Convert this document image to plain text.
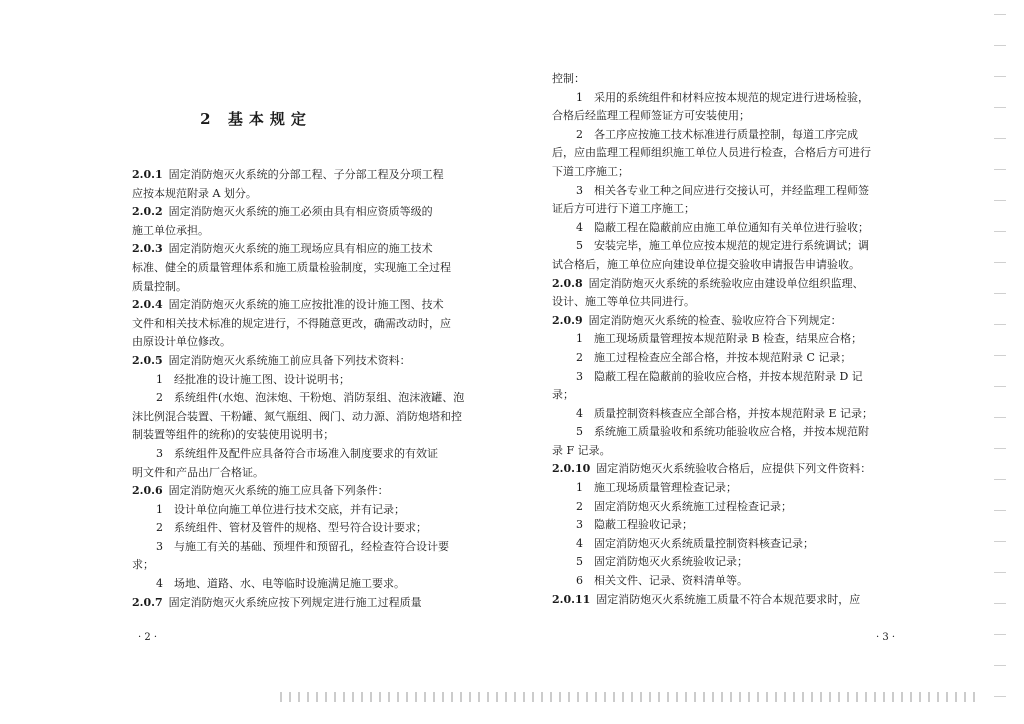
2 基本规定
2.0.1 固定消防炮灭火系统的分部工程、子分部工程及分项工程
应按本规范附录 A 划分。
2.0.2 固定消防炮灭火系统的施工必须由具有相应资质等级的
施工单位承担。
2.0.3 固定消防炮灭火系统的施工现场应具有相应的施工技术
标准、健全的质量管理体系和施工质量检验制度，实现施工全过程
质量控制。
2.0.4 固定消防炮灭火系统的施工应按批准的设计施工图、技术
文件和相关技术标准的规定进行，不得随意更改，确需改动时，应
由原设计单位修改。
2.0.5 固定消防炮灭火系统施工前应具备下列技术资料：
1　经批准的设计施工图、设计说明书；
2　系统组件(水炮、泡沫炮、干粉炮、消防泵组、泡沫液罐、泡
沫比例混合装置、干粉罐、氮气瓶组、阀门、动力源、消防炮塔和控
制装置等组件的统称)的安装使用说明书；
3　系统组件及配件应具备符合市场准入制度要求的有效证
明文件和产品出厂合格证。
2.0.6 固定消防炮灭火系统的施工应具备下列条件：
1　设计单位向施工单位进行技术交底，并有记录；
2　系统组件、管材及管件的规格、型号符合设计要求；
3　与施工有关的基础、预埋件和预留孔，经检查符合设计要
求；
4　场地、道路、水、电等临时设施满足施工要求。
2.0.7 固定消防炮灭火系统应按下列规定进行施工过程质量
· 2 ·
控制：
1　采用的系统组件和材料应按本规范的规定进行进场检验，
合格后经监理工程师签证方可安装使用；
2　各工序应按施工技术标准进行质量控制，每道工序完成
后，应由监理工程师组织施工单位人员进行检查，合格后方可进行
下道工序施工；
3　相关各专业工种之间应进行交接认可，并经监理工程师签
证后方可进行下道工序施工；
4　隐蔽工程在隐蔽前应由施工单位通知有关单位进行验收；
5　安装完毕，施工单位应按本规范的规定进行系统调试；调
试合格后，施工单位应向建设单位提交验收申请报告申请验收。
2.0.8 固定消防炮灭火系统的系统验收应由建设单位组织监理、
设计、施工等单位共同进行。
2.0.9 固定消防炮灭火系统的检查、验收应符合下列规定：
1　施工现场质量管理按本规范附录 B 检查，结果应合格；
2　施工过程检查应全部合格，并按本规范附录 C 记录；
3　隐蔽工程在隐蔽前的验收应合格，并按本规范附录 D 记
录；
4　质量控制资料核查应全部合格，并按本规范附录 E 记录；
5　系统施工质量验收和系统功能验收应合格，并按本规范附
录 F 记录。
2.0.10 固定消防炮灭火系统验收合格后，应提供下列文件资料：
1　施工现场质量管理检查记录；
2　固定消防炮灭火系统施工过程检查记录；
3　隐蔽工程验收记录；
4　固定消防炮灭火系统质量控制资料核查记录；
5　固定消防炮灭火系统验收记录；
6　相关文件、记录、资料清单等。
2.0.11 固定消防炮灭火系统施工质量不符合本规范要求时，应
· 3 ·
